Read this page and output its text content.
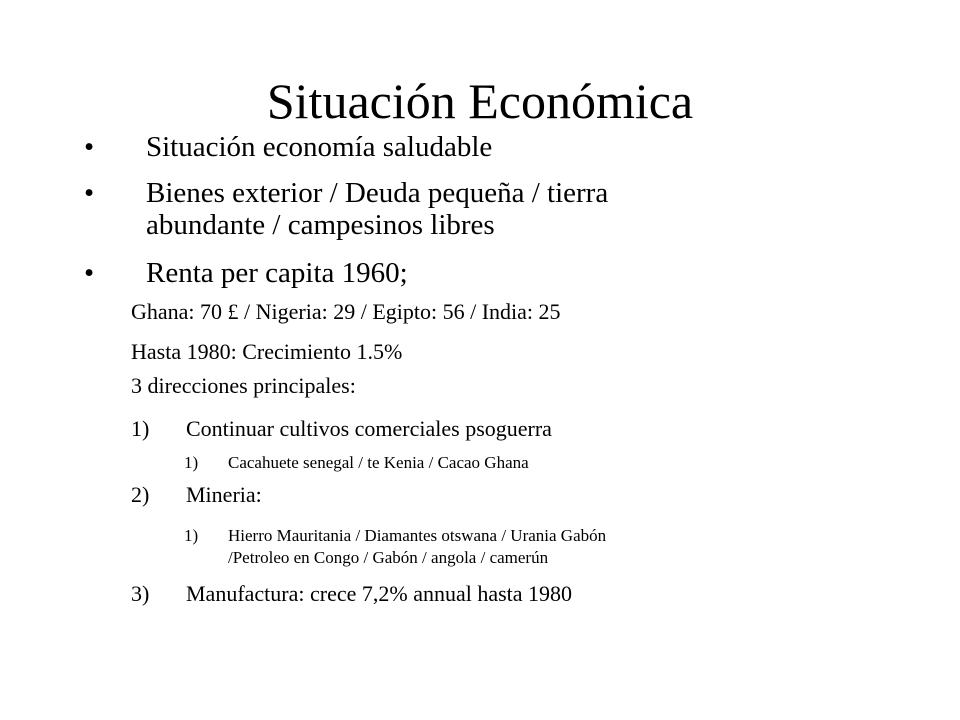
Situación Económica
• Situación economía saludable
• Bienes exterior / Deuda pequeña / tierra
abundante / campesinos libres
• Renta per capita 1960;
Ghana: 70 £ / Nigeria: 29 / Egipto: 56 / India: 25
Hasta 1980: Crecimiento 1.5%
3 direcciones principales:
1) Continuar cultivos comerciales psoguerra
1) Cacahuete senegal / te Kenia / Cacao Ghana
2) Mineria:
1) Hierro Mauritania / Diamantes otswana / Urania Gabón
/Petroleo en Congo / Gabón / angola / camerún
3) Manufactura: crece 7,2% annual hasta 1980
